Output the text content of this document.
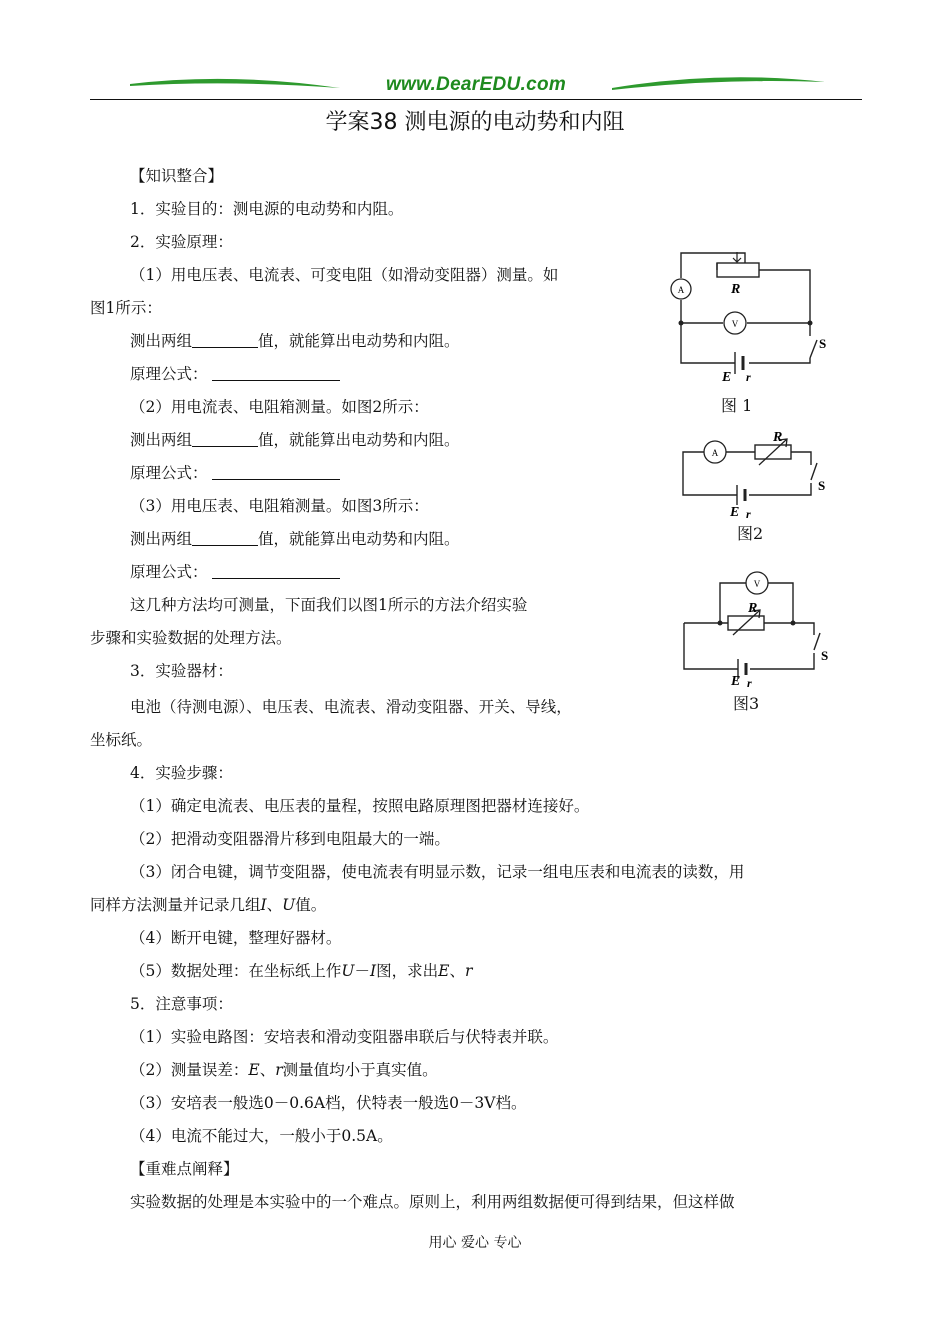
www.DearEDU.com
学案38 测电源的电动势和内阻
【知识整合】
1．实验目的：测电源的电动势和内阻。
2．实验原理：
（1）用电压表、电流表、可变电阻（如滑动变阻器）测量。如
图1所示：
测出两组	值，就能算出电动势和内阻。
原理公式：
（2）用电流表、电阻箱测量。如图2所示：
测出两组	值，就能算出电动势和内阻。
原理公式：
（3）用电压表、电阻箱测量。如图3所示：
测出两组	值，就能算出电动势和内阻。
原理公式：
这几种方法均可测量，下面我们以图1所示的方法介绍实验
步骤和实验数据的处理方法。
3．实验器材：
电池（待测电源）、电压表、电流表、滑动变阻器、开关、导线，
坐标纸。
4．实验步骤：
（1）确定电流表、电压表的量程，按照电路原理图把器材连接好。
（2）把滑动变阻器滑片移到电阻最大的一端。
（3）闭合电键，调节变阻器，使电流表有明显示数，记录一组电压表和电流表的读数，用
同样方法测量并记录几组I、U值。
（4）断开电键，整理好器材。
（5）数据处理：在坐标纸上作U－I图，求出E、r
5．注意事项：
（1）实验电路图：安培表和滑动变阻器串联后与伏特表并联。
（2）测量误差：E、r测量值均小于真实值。
（3）安培表一般选0－0.6A档，伏特表一般选0－3V档。
（4）电流不能过大，一般小于0.5A。
【重难点阐释】
实验数据的处理是本实验中的一个难点。原则上，利用两组数据便可得到结果，但这样做
A	R
V
S
E r
图 1
A
R
S
E r
图2
V
R
S
E r
图3
用心 爱心 专心
